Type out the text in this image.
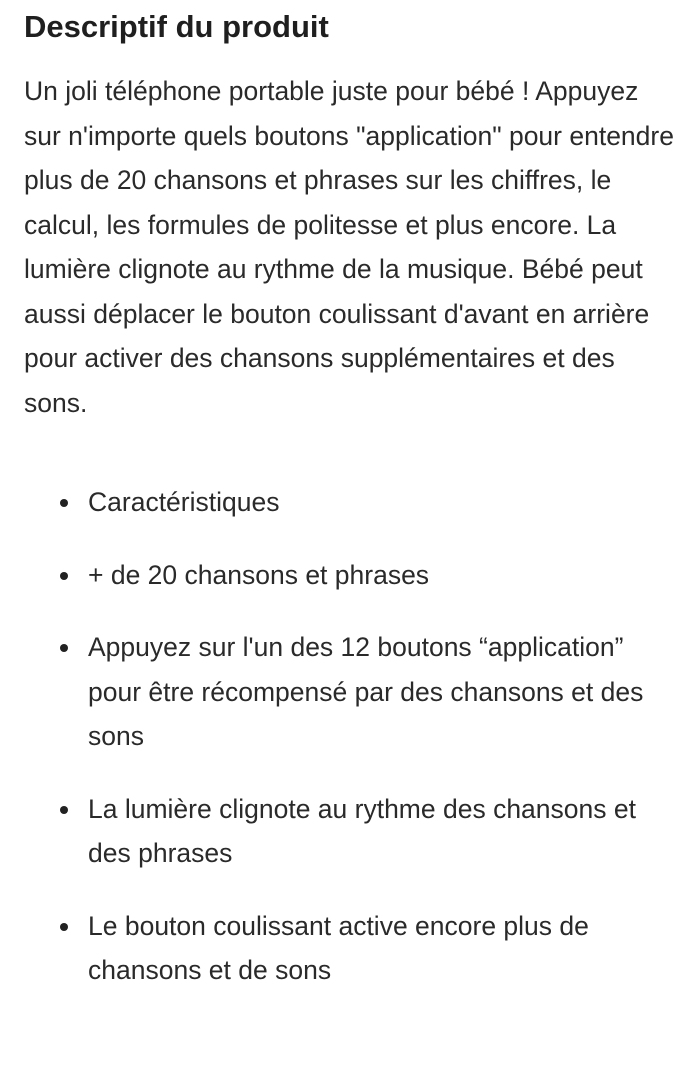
Descriptif du produit

Un joli téléphone portable juste pour bébé ! Appuyez sur n'importe quels boutons "application" pour entendre plus de 20 chansons et phrases sur les chiffres, le calcul, les formules de politesse et plus encore. La lumière clignote au rythme de la musique. Bébé peut aussi déplacer le bouton coulissant d'avant en arrière pour activer des chansons supplémentaires et des sons.

Caractéristiques
+ de 20 chansons et phrases
Appuyez sur l'un des 12 boutons “application” pour être récompensé par des chansons et des sons
La lumière clignote au rythme des chansons et des phrases
Le bouton coulissant active encore plus de chansons et de sons
